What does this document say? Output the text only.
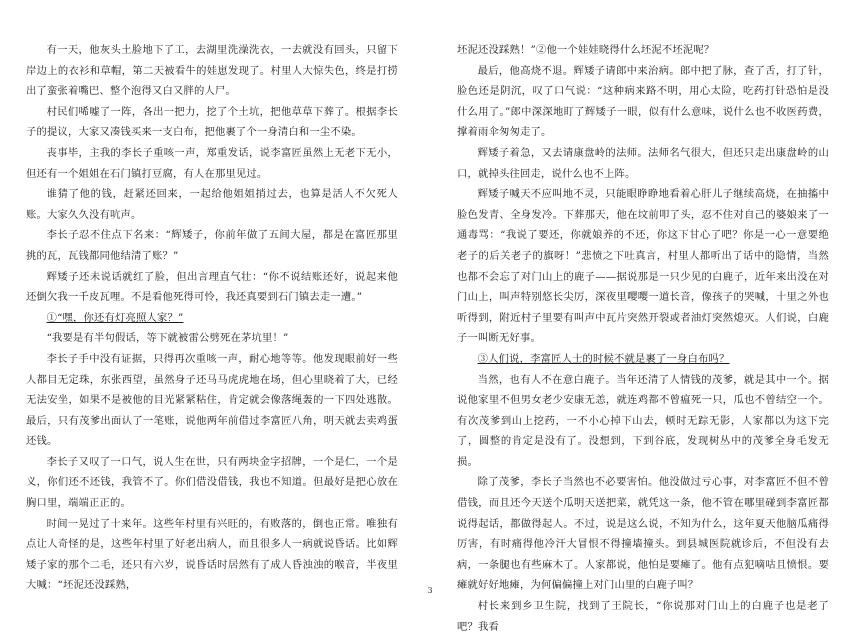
有一天，他灰头土脸地下了工，去湖里洗澡洗衣，一去就没有回头，只留下岸边上的衣衫和草帽，第二天被看牛的娃崽发现了。村里人大惊失色，终是打捞出了蛮张着嘴巴、整个泡得又白又胖的人尸。

村民们唏嘘了一阵，各出一把力，挖了个土坑，把他草草下葬了。根据李长子的提议，大家又凑钱买来一支白布，把他裹了个一身清白和一尘不染。

丧事毕，主我的李长子重咳一声，郑重发话，说李富匠虽然上无老下无小，但还有一个姐姐在石门镇打豆腐，有人在那里见过。

谁猜了他的钱，赶紧还回来，一起给他姐姐捎过去，也算是活人不欠死人账。大家久久没有吭声。

李长子忍不住点下名来：“辉矮子，你前年做了五间大屋，都是在富匠那里挑的瓦，瓦钱都同他结清了账？”

辉矮子还未说话就红了脸，但出言理直气壮：“你不说结账还好，说起来他还倒欠我一千皮瓦哩。不是看他死得可怜，我还真要到石门镇去走一遭。”

①“嘿，你还有灯亮照人家？”

“我要是有半句假话，等下就被雷公劈死在茅坑里！”

李长子手中没有证据，只得再次重咳一声，耐心地等等。他发现眼前好一些人都目无定珠，东张西望，虽然身子还马马虎虎地在场，但心里晓着了大，已经无法安坐，如果不是被他的目光紧紧粘住，肯定就会像落绳轰的一下四处逃散。最后，只有茂爹出面认了一笔账，说他两年前借过李富匠八角，明天就去卖鸡蛋还钱。

李长子又叹了一口气，说人生在世，只有两块金字招牌，一个是仁，一个是义，你们还不还钱，我管不了。你们借没借钱，我也不知道。但最好是把心放在胸口里，端端正正的。

时间一晃过了十来年。这些年村里有兴旺的，有败落的，倒也正常。唯独有点让人奇怪的是，这些年村里了好老出病人，而且很多人一病就说昏话。比如辉矮子家的那个二毛，还只有六岁，说昏话时居然有了成人昏浊浊的喉音，半夜里大喊：“坯泥还没踩熟，

坯泥还没踩熟！”②他一个娃娃晓得什么坯泥不坯泥呢？

最后，他高烧不退。辉矮子请郎中来治病。郎中把了脉，查了舌，打了针，脸色还是阴沉，叹了口气说：“这种病来路不明，用心太险，吃药打针恐怕是没什么用了。”郎中深深地盯了辉矮子一眼，似有什么意味，说什么也不收医药费，撑着雨伞匆匆走了。

辉矮子着急，又去请康盘岭的法师。法师名气很大，但还只走出康盘岭的山口，就掉头往回走，说什么也不上阵。

辉矮子喊天不应叫地不灵，只能眼睁睁地看着心肝儿子继续高烧，在抽搐中脸色发青、全身发冷。下葬那天，他在坟前叩了头，忍不住对自己的婆娘来了一通毒骂：“我说了要还，你就娘养的不还，你这下甘心了吧？你是一心一意要绝老子的后关老子的旗呀！”悲愤之下吐真言，村里人都听出了话中的隐情，当然也都不会忘了对门山上的鹿子——据说那是一只少见的白鹿子，近年来出没在对门山上，叫声特别悠长尖厉，深夜里嘤嘤一道长音，像孩子的哭喊，十里之外也听得到，附近村子里要有叫声中瓦片突然开裂或者油灯突然熄灭。人们说，白鹿子一叫断无好事。

③人们说，李富匠人士的时候不就是裹了一身白布吗？

当然，也有人不在意白鹿子。当年还清了人情钱的茂爹，就是其中一个。据说他家里不但男女老少安康无恙，就连鸡都不曾瘟死一只，瓜也不曾结空一个。有次茂爹到山上挖药，一不小心掉下山去，顿时无踪无影，人家都以为这下完了，圆整的肯定是没有了。没想到，下到谷底，发现树丛中的茂爹全身毛发无损。

除了茂爹，李长子当然也不必要害怕。他没做过亏心事，对李富匠不但不曾借钱，而且还今天送个瓜明天送把菜，就凭这一条，他不管在哪里碰到李富匠都说得起话，都做得起人。不过，说是这么说，不知为什么，这年夏天他脑瓜痛得厉害，有时痛得他冷汗大冒恨不得撞墙撞头。到县城医院就诊后，不但没有去病，一条腿也有些麻木了。人家都说，他怕是要瘫了。他有点犯嘀咕且愤恨。要瘫就好好地瘫，为何偏偏撞上对门山里的白鹿子叫？

村长来到乡卫生院，找到了王院长，“你说那对门山上的白鹿子也是老了吧？我看

3
